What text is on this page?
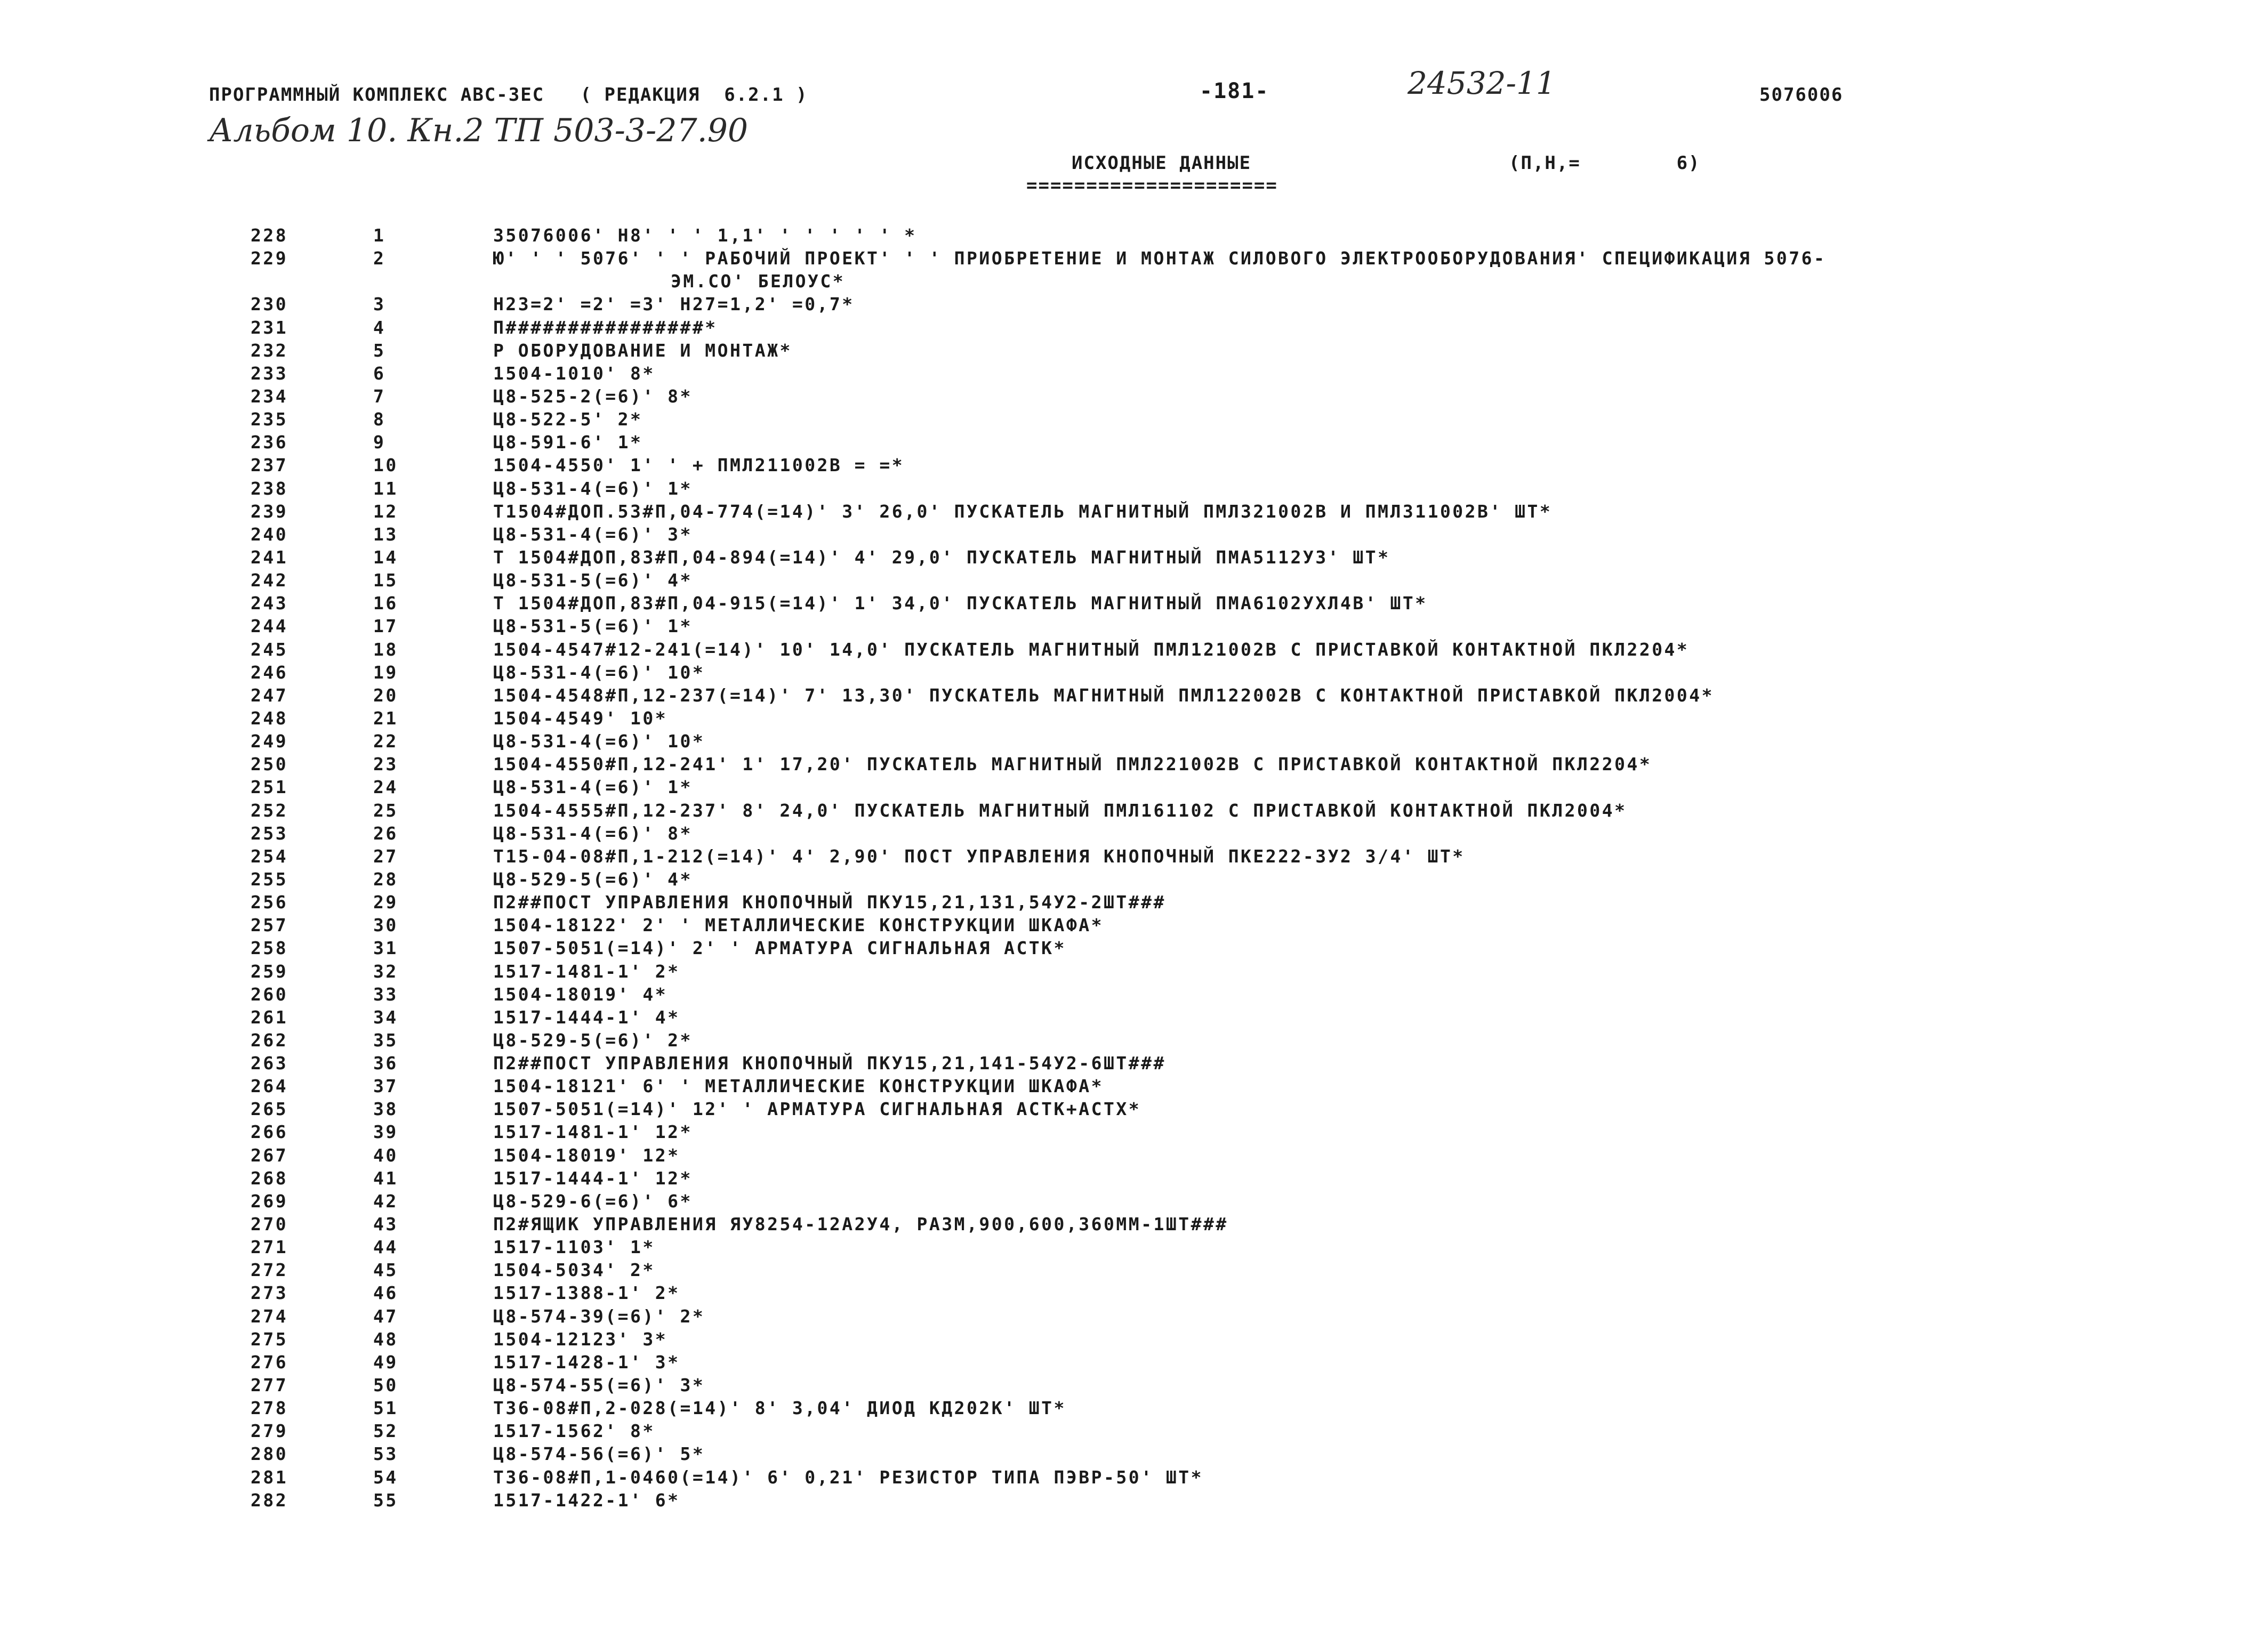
ПРОГРАММНЫЙ КОМПЛЕКС АВС-3ЕС   ( РЕДАКЦИЯ  6.2.1 )	-181-	24532-11	5076006
Альбом 10. Кн.2 ТП 503-3-27.90
ИСХОДНЫЕ ДАННЫЕ
=====================
(П,Н,=        6)
228	1	35076006' Н8' ' ' 1,1' ' ' ' ' ' *
229	2	Ю' ' ' 5076' ' ' РАБОЧИЙ ПРОЕКТ' ' ' ПРИОБРЕТЕНИЕ И МОНТАЖ СИЛОВОГО ЭЛЕКТРООБОРУДОВАНИЯ' СПЕЦИФИКАЦИЯ 5076-
ЭМ.СО' БЕЛОУС*
230	3	Н23=2' =2' =3' Н27=1,2' =0,7*
231	4	П################*
232	5	Р ОБОРУДОВАНИЕ И МОНТАЖ*
233	6	1504-1010' 8*
234	7	Ц8-525-2(=6)' 8*
235	8	Ц8-522-5' 2*
236	9	Ц8-591-6' 1*
237	10	1504-4550' 1' ' + ПМЛ211002В = =*
238	11	Ц8-531-4(=6)' 1*
239	12	Т1504#ДОП.53#П,04-774(=14)' 3' 26,0' ПУСКАТЕЛЬ МАГНИТНЫЙ ПМЛ321002В И ПМЛ311002В' ШТ*
240	13	Ц8-531-4(=6)' 3*
241	14	Т 1504#ДОП,83#П,04-894(=14)' 4' 29,0' ПУСКАТЕЛЬ МАГНИТНЫЙ ПМА5112УЗ' ШТ*
242	15	Ц8-531-5(=6)' 4*
243	16	Т 1504#ДОП,83#П,04-915(=14)' 1' 34,0' ПУСКАТЕЛЬ МАГНИТНЫЙ ПМА6102УХЛ4В' ШТ*
244	17	Ц8-531-5(=6)' 1*
245	18	1504-4547#12-241(=14)' 10' 14,0' ПУСКАТЕЛЬ МАГНИТНЫЙ ПМЛ121002В С ПРИСТАВКОЙ КОНТАКТНОЙ ПКЛ2204*
246	19	Ц8-531-4(=6)' 10*
247	20	1504-4548#П,12-237(=14)' 7' 13,30' ПУСКАТЕЛЬ МАГНИТНЫЙ ПМЛ122002В С КОНТАКТНОЙ ПРИСТАВКОЙ ПКЛ2004*
248	21	1504-4549' 10*
249	22	Ц8-531-4(=6)' 10*
250	23	1504-4550#П,12-241' 1' 17,20' ПУСКАТЕЛЬ МАГНИТНЫЙ ПМЛ221002В С ПРИСТАВКОЙ КОНТАКТНОЙ ПКЛ2204*
251	24	Ц8-531-4(=6)' 1*
252	25	1504-4555#П,12-237' 8' 24,0' ПУСКАТЕЛЬ МАГНИТНЫЙ ПМЛ161102 С ПРИСТАВКОЙ КОНТАКТНОЙ ПКЛ2004*
253	26	Ц8-531-4(=6)' 8*
254	27	Т15-04-08#П,1-212(=14)' 4' 2,90' ПОСТ УПРАВЛЕНИЯ КНОПОЧНЫЙ ПКЕ222-3У2 3/4' ШТ*
255	28	Ц8-529-5(=6)' 4*
256	29	П2##ПОСТ УПРАВЛЕНИЯ КНОПОЧНЫЙ ПКУ15,21,131,54У2-2ШТ###
257	30	1504-18122' 2' ' МЕТАЛЛИЧЕСКИЕ КОНСТРУКЦИИ ШКАФА*
258	31	1507-5051(=14)' 2' ' АРМАТУРА СИГНАЛЬНАЯ АСТК*
259	32	1517-1481-1' 2*
260	33	1504-18019' 4*
261	34	1517-1444-1' 4*
262	35	Ц8-529-5(=6)' 2*
263	36	П2##ПОСТ УПРАВЛЕНИЯ КНОПОЧНЫЙ ПКУ15,21,141-54У2-6ШТ###
264	37	1504-18121' 6' ' МЕТАЛЛИЧЕСКИЕ КОНСТРУКЦИИ ШКАФА*
265	38	1507-5051(=14)' 12' ' АРМАТУРА СИГНАЛЬНАЯ АСТК+АСТХ*
266	39	1517-1481-1' 12*
267	40	1504-18019' 12*
268	41	1517-1444-1' 12*
269	42	Ц8-529-6(=6)' 6*
270	43	П2#ЯЩИК УПРАВЛЕНИЯ ЯУ8254-12А2У4, РАЗМ,900,600,360ММ-1ШТ###
271	44	1517-1103' 1*
272	45	1504-5034' 2*
273	46	1517-1388-1' 2*
274	47	Ц8-574-39(=6)' 2*
275	48	1504-12123' 3*
276	49	1517-1428-1' 3*
277	50	Ц8-574-55(=6)' 3*
278	51	Т36-08#П,2-028(=14)' 8' 3,04' ДИОД КД202К' ШТ*
279	52	1517-1562' 8*
280	53	Ц8-574-56(=6)' 5*
281	54	Т36-08#П,1-0460(=14)' 6' 0,21' РЕЗИСТОР ТИПА ПЭВР-50' ШТ*
282	55	1517-1422-1' 6*
